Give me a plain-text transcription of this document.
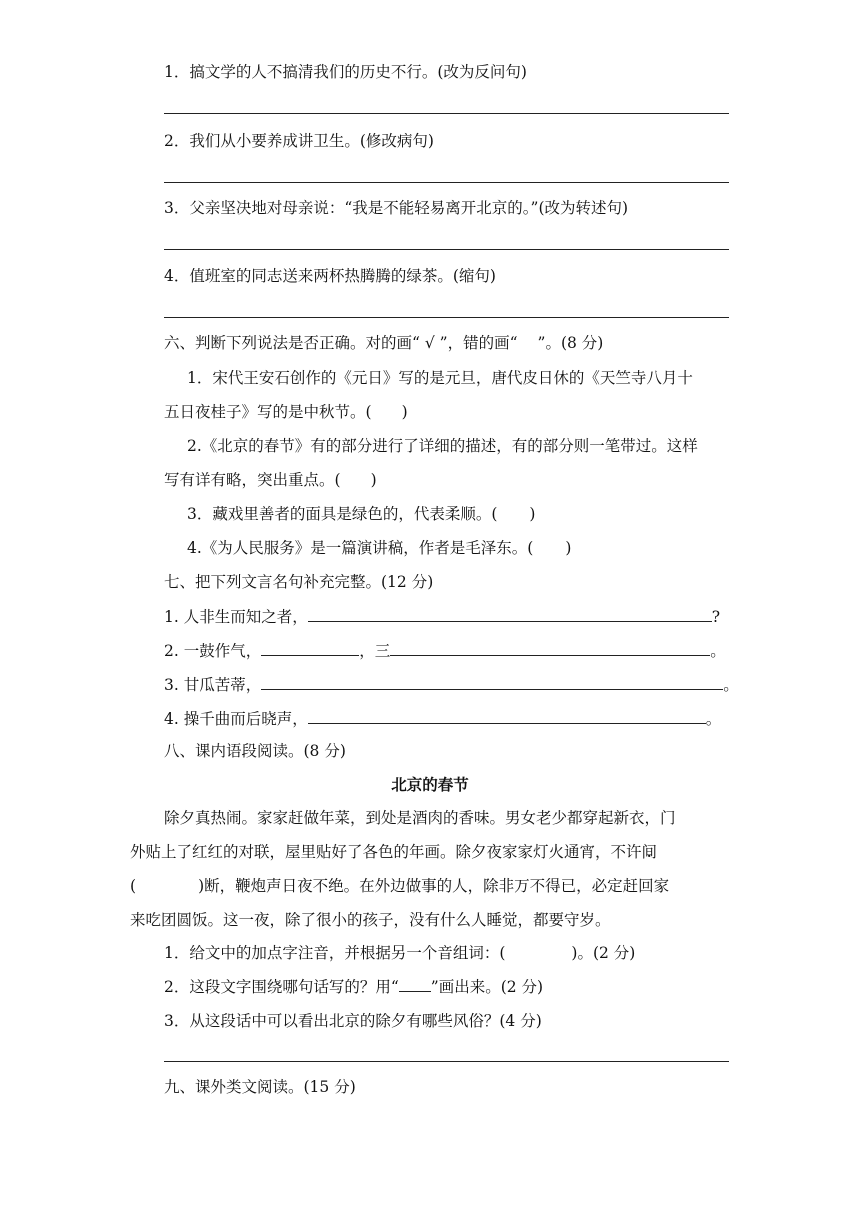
1．搞文学的人不搞清我们的历史不行。(改为反问句)
2．我们从小要养成讲卫生。(修改病句)
3．父亲坚决地对母亲说：“我是不能轻易离开北京的。”(改为转述句)
4．值班室的同志送来两杯热腾腾的绿茶。(缩句)
六、判断下列说法是否正确。对的画“ √ ”，错的画“ ”。(8 分)
1．宋代王安石创作的《元日》写的是元旦，唐代皮日休的《天竺寺八月十
五日夜桂子》写的是中秋节。( )
2.《北京的春节》有的部分进行了详细的描述，有的部分则一笔带过。这样
写有详有略，突出重点。( )
3．藏戏里善者的面具是绿色的，代表柔顺。( )
4.《为人民服务》是一篇演讲稿，作者是毛泽东。( )
七、把下列文言名句补充完整。(12 分)
1. 人非生而知之者，	?
2. 一鼓作气，	，三	。
3. 甘瓜苦蒂，	。
4. 操千曲而后晓声，	。
八、课内语段阅读。(8 分)
北京的春节
除夕真热闹。家家赶做年菜，到处是酒肉的香味。男女老少都穿起新衣，门
外贴上了红红的对联，屋里贴好了各色的年画。除夕夜家家灯火通宵，不许间
(	)断，鞭炮声日夜不绝。在外边做事的人，除非万不得已，必定赶回家
来吃团圆饭。这一夜，除了很小的孩子，没有什么人睡觉，都要守岁。
1．给文中的加点字注音，并根据另一个音组词：(	)。(2 分)
2．这段文字围绕哪句话写的？用“ ”画出来。(2 分)
3．从这段话中可以看出北京的除夕有哪些风俗？(4 分)
九、课外类文阅读。(15 分)
